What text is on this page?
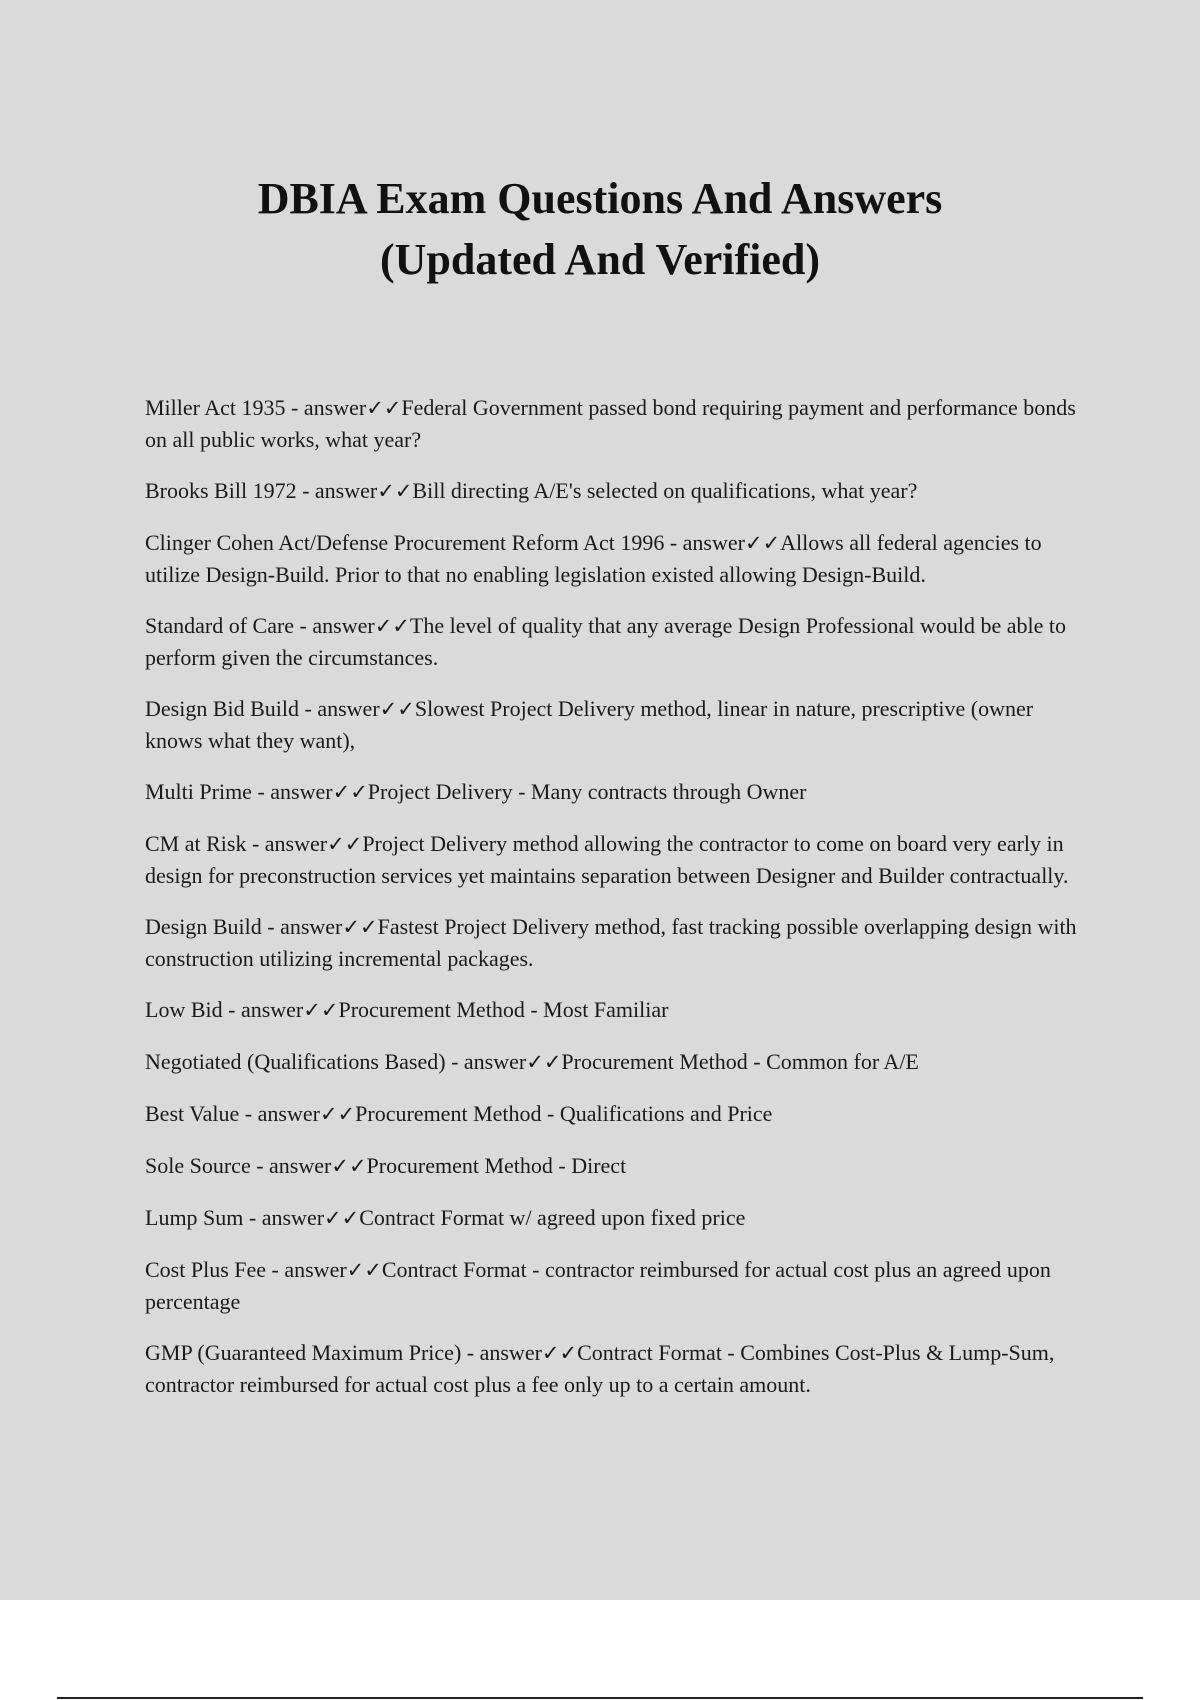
DBIA Exam Questions And Answers
(Updated And Verified)

Miller Act 1935 - answer✓✓Federal Government passed bond requiring payment and performance bonds on all public works, what year?

Brooks Bill 1972 - answer✓✓Bill directing A/E's selected on qualifications, what year?

Clinger Cohen Act/Defense Procurement Reform Act 1996 - answer✓✓Allows all federal agencies to utilize Design-Build. Prior to that no enabling legislation existed allowing Design-Build.

Standard of Care - answer✓✓The level of quality that any average Design Professional would be able to perform given the circumstances.

Design Bid Build - answer✓✓Slowest Project Delivery method, linear in nature, prescriptive (owner knows what they want),

Multi Prime - answer✓✓Project Delivery - Many contracts through Owner

CM at Risk - answer✓✓Project Delivery method allowing the contractor to come on board very early in design for preconstruction services yet maintains separation between Designer and Builder contractually.

Design Build - answer✓✓Fastest Project Delivery method, fast tracking possible overlapping design with construction utilizing incremental packages.

Low Bid - answer✓✓Procurement Method - Most Familiar

Negotiated (Qualifications Based) - answer✓✓Procurement Method - Common for A/E

Best Value - answer✓✓Procurement Method - Qualifications and Price

Sole Source - answer✓✓Procurement Method - Direct

Lump Sum - answer✓✓Contract Format w/ agreed upon fixed price

Cost Plus Fee - answer✓✓Contract Format - contractor reimbursed for actual cost plus an agreed upon percentage

GMP (Guaranteed Maximum Price) - answer✓✓Contract Format - Combines Cost-Plus & Lump-Sum, contractor reimbursed for actual cost plus a fee only up to a certain amount.
